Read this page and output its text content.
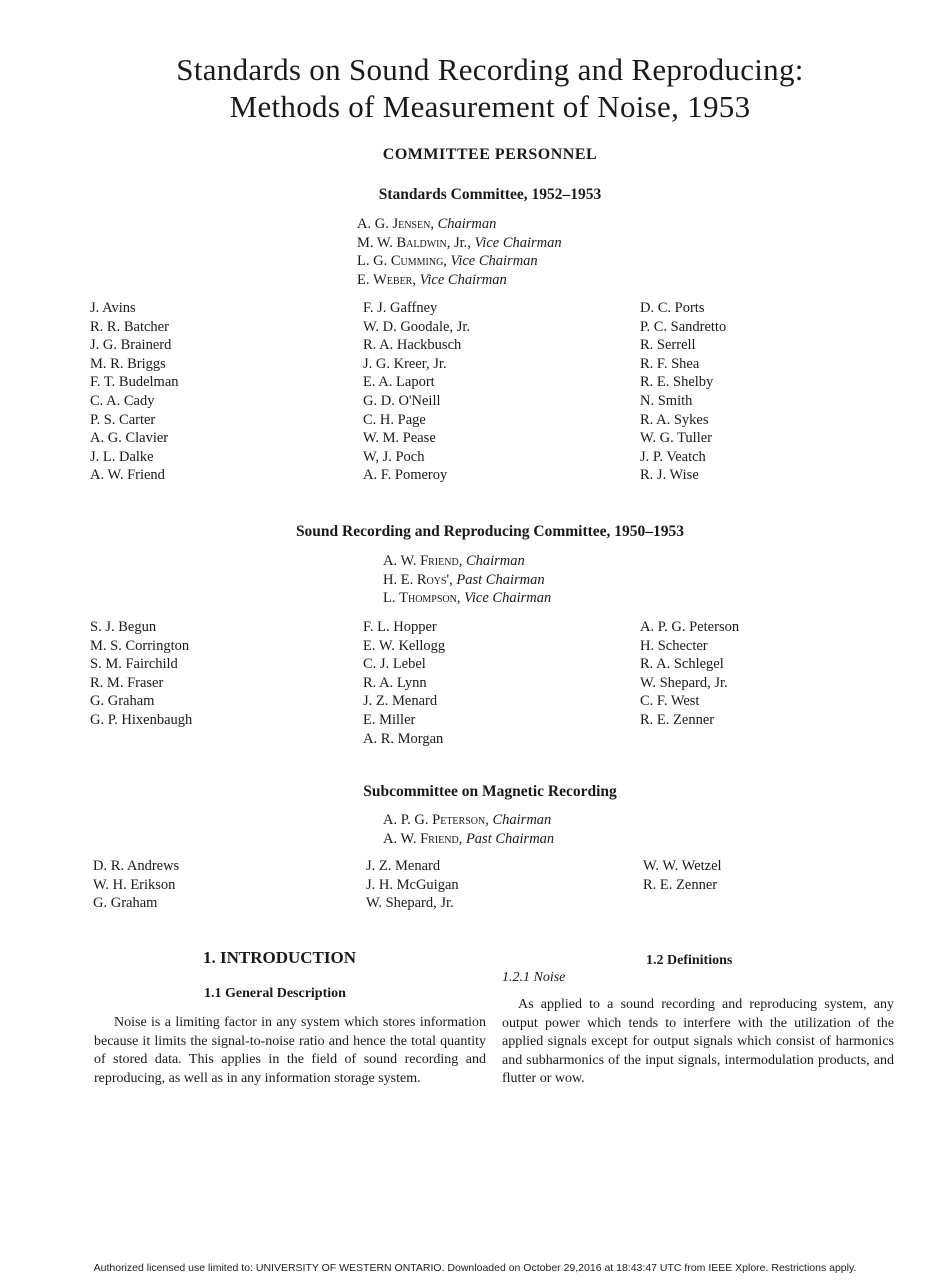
Standards on Sound Recording and Reproducing:
Methods of Measurement of Noise, 1953
COMMITTEE PERSONNEL
Standards Committee, 1952–1953
A. G. Jensen, Chairman
M. W. Baldwin, Jr., Vice Chairman
L. G. Cumming, Vice Chairman
E. Weber, Vice Chairman
J. Avins
R. R. Batcher
J. G. Brainerd
M. R. Briggs
F. T. Budelman
C. A. Cady
P. S. Carter
A. G. Clavier
J. L. Dalke
A. W. Friend
F. J. Gaffney
W. D. Goodale, Jr.
R. A. Hackbusch
J. G. Kreer, Jr.
E. A. Laport
G. D. O'Neill
C. H. Page
W. M. Pease
W, J. Poch
A. F. Pomeroy
D. C. Ports
P. C. Sandretto
R. Serrell
R. F. Shea
R. E. Shelby
N. Smith
R. A. Sykes
W. G. Tuller
J. P. Veatch
R. J. Wise
Sound Recording and Reproducing Committee, 1950–1953
A. W. Friend, Chairman
H. E. Roys', Past Chairman
L. Thompson, Vice Chairman
S. J. Begun
M. S. Corrington
S. M. Fairchild
R. M. Fraser
G. Graham
G. P. Hixenbaugh
F. L. Hopper
E. W. Kellogg
C. J. Lebel
R. A. Lynn
J. Z. Menard
E. Miller
A. R. Morgan
A. P. G. Peterson
H. Schecter
R. A. Schlegel
W. Shepard, Jr.
C. F. West
R. E. Zenner
Subcommittee on Magnetic Recording
A. P. G. Peterson, Chairman
A. W. Friend, Past Chairman
D. R. Andrews
W. H. Erikson
G. Graham
J. Z. Menard
J. H. McGuigan
W. Shepard, Jr.
W. W. Wetzel
R. E. Zenner
1. INTRODUCTION
1.1 General Description
Noise is a limiting factor in any system which stores information because it limits the signal-to-noise ratio and hence the total quantity of stored data. This applies in the field of sound recording and reproducing, as well as in any information storage system.
1.2 Definitions
1.2.1 Noise
As applied to a sound recording and reproducing system, any output power which tends to interfere with the utilization of the applied signals except for output signals which consist of harmonics and subharmonics of the input signals, intermodulation products, and flutter or wow.
Authorized licensed use limited to: UNIVERSITY OF WESTERN ONTARIO. Downloaded on October 29,2016 at 18:43:47 UTC from IEEE Xplore. Restrictions apply.
